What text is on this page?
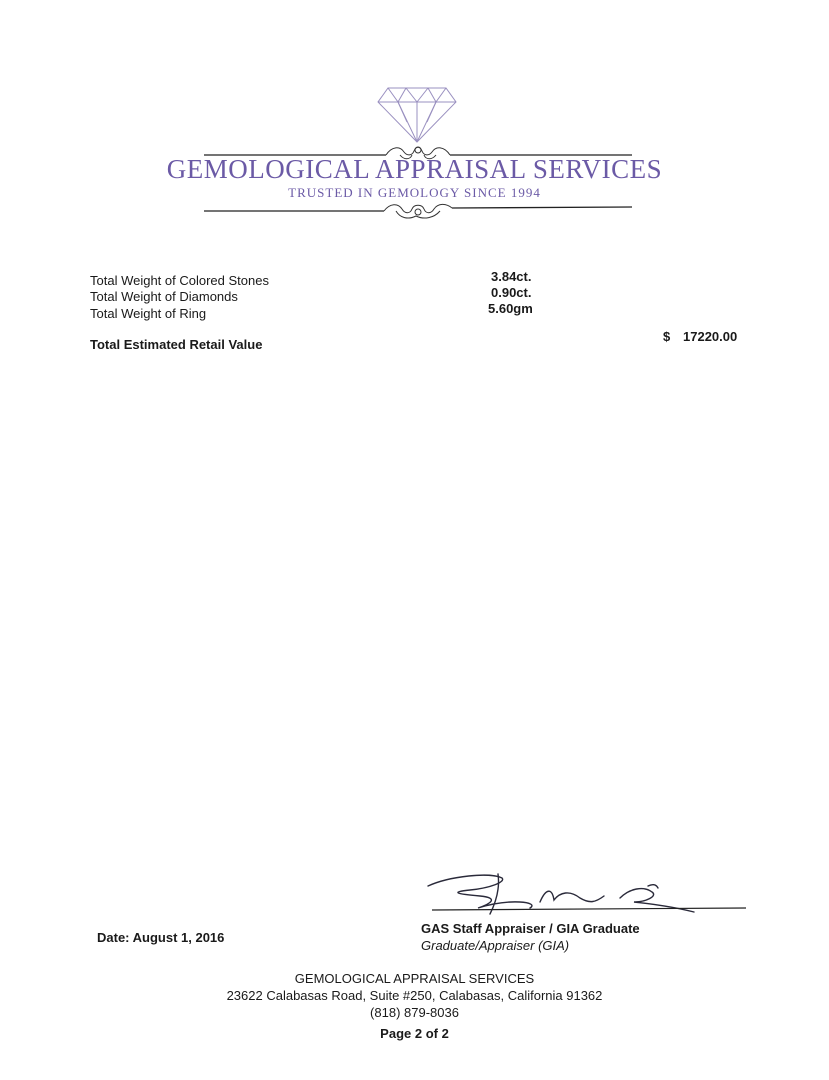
GEMOLOGICAL APPRAISAL SERVICES
TRUSTED IN GEMOLOGY SINCE 1994
Total Weight of Colored Stones
Total Weight of Diamonds
Total Weight of Ring
3.84ct.
0.90ct.
5.60gm
Total Estimated Retail Value
$ 17220.00
GAS Staff Appraiser / GIA Graduate
Graduate/Appraiser (GIA)
Date: August 1, 2016
GEMOLOGICAL APPRAISAL SERVICES
23622 Calabasas Road, Suite #250, Calabasas, California 91362
(818) 879-8036
Page 2 of 2
